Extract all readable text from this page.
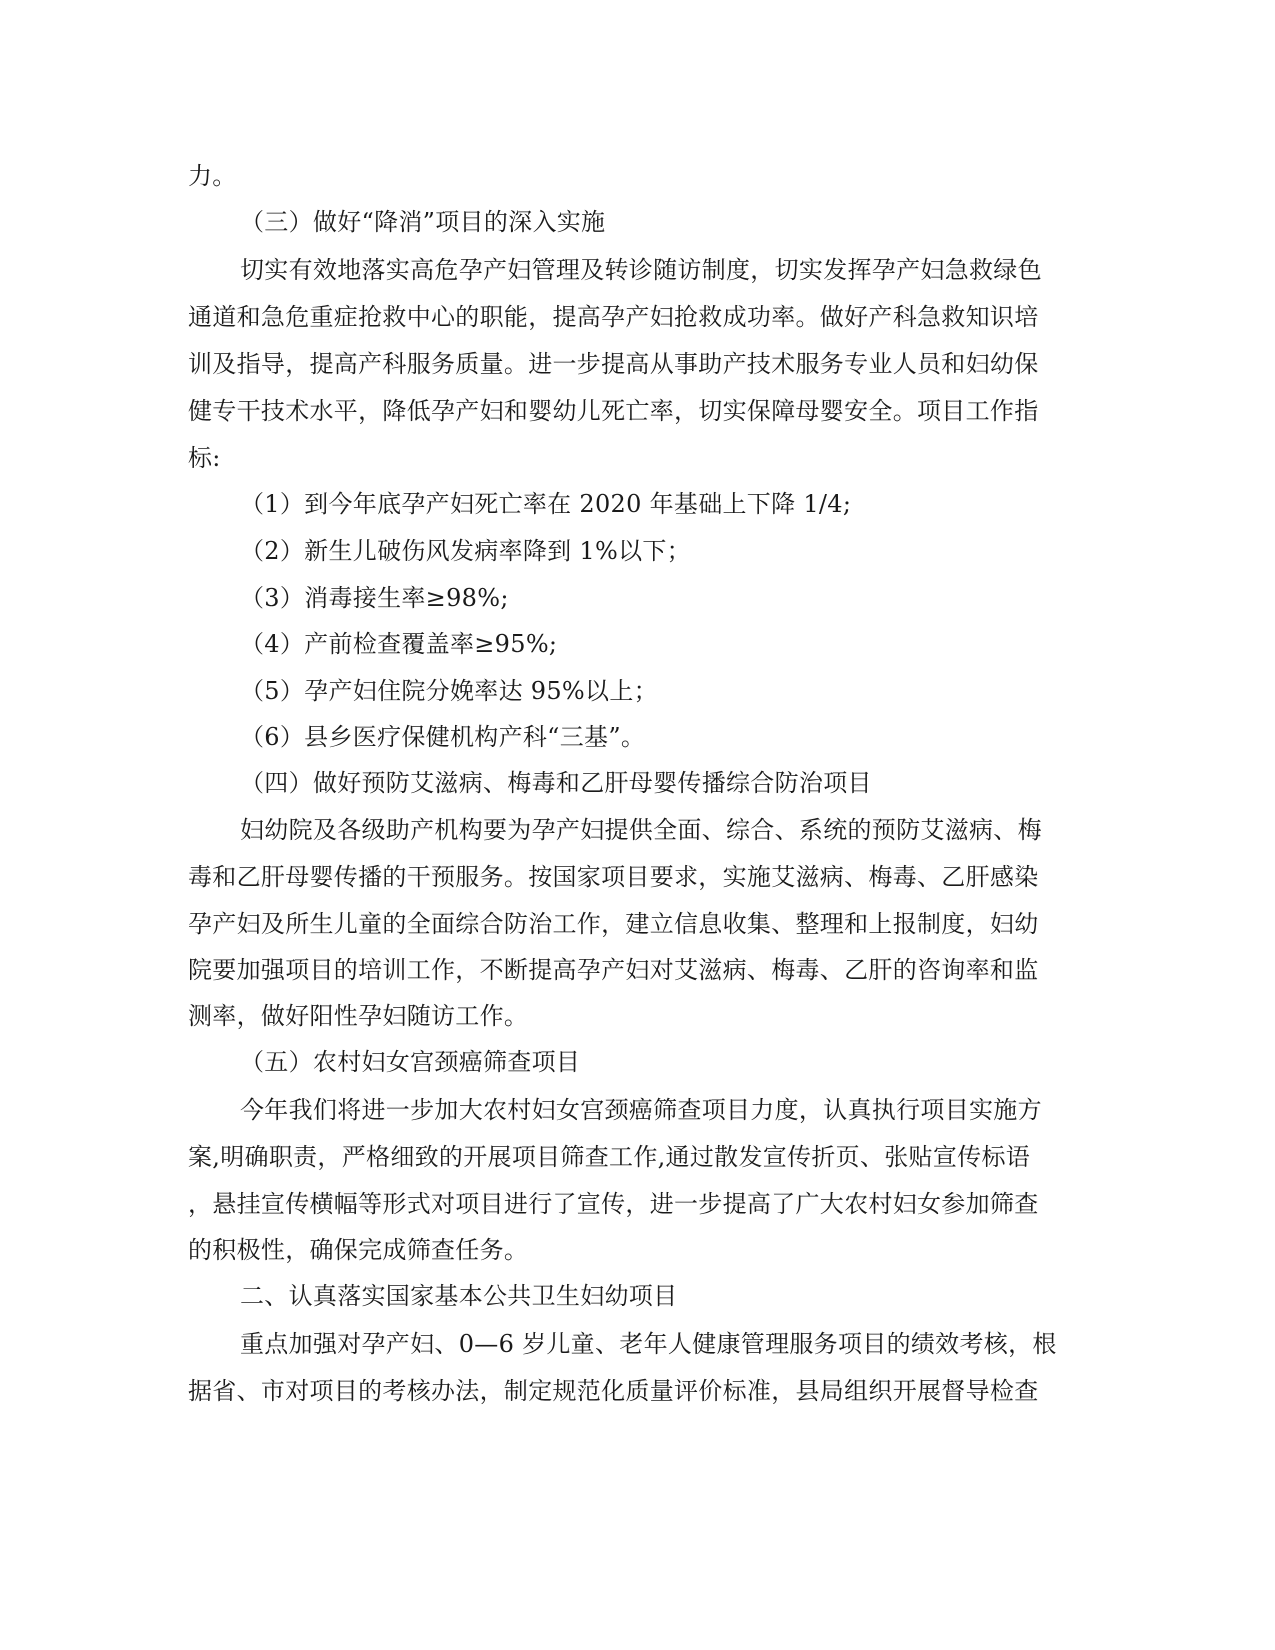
力。
（三）做好“降消”项目的深入实施
切实有效地落实高危孕产妇管理及转诊随访制度，切实发挥孕产妇急救绿色
通道和急危重症抢救中心的职能，提高孕产妇抢救成功率。做好产科急救知识培
训及指导，提高产科服务质量。进一步提高从事助产技术服务专业人员和妇幼保
健专干技术水平，降低孕产妇和婴幼儿死亡率，切实保障母婴安全。项目工作指
标:
（1）到今年底孕产妇死亡率在 2020 年基础上下降 1/4;
（2）新生儿破伤风发病率降到 1%以下；
（3）消毒接生率≥98%;
（4）产前检查覆盖率≥95%;
（5）孕产妇住院分娩率达 95%以上；
（6）县乡医疗保健机构产科“三基”。
（四）做好预防艾滋病、梅毒和乙肝母婴传播综合防治项目
妇幼院及各级助产机构要为孕产妇提供全面、综合、系统的预防艾滋病、梅
毒和乙肝母婴传播的干预服务。按国家项目要求，实施艾滋病、梅毒、乙肝感染
孕产妇及所生儿童的全面综合防治工作，建立信息收集、整理和上报制度，妇幼
院要加强项目的培训工作，不断提高孕产妇对艾滋病、梅毒、乙肝的咨询率和监
测率，做好阳性孕妇随访工作。
（五）农村妇女宫颈癌筛查项目
今年我们将进一步加大农村妇女宫颈癌筛查项目力度，认真执行项目实施方
案,明确职责，严格细致的开展项目筛查工作,通过散发宣传折页、张贴宣传标语
，悬挂宣传横幅等形式对项目进行了宣传，进一步提高了广大农村妇女参加筛查
的积极性，确保完成筛查任务。
二、认真落实国家基本公共卫生妇幼项目
重点加强对孕产妇、0—6 岁儿童、老年人健康管理服务项目的绩效考核，根
据省、市对项目的考核办法，制定规范化质量评价标准，县局组织开展督导检查
